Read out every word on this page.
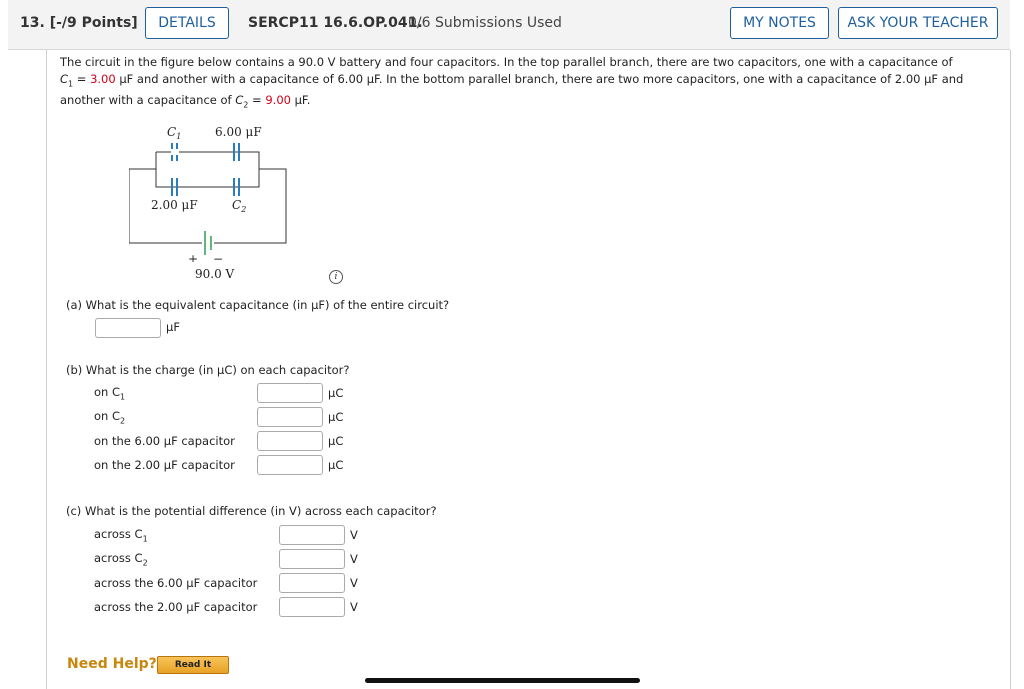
13. [-/9 Points]	DETAILS	SERCP11 16.6.OP.041.
0/6 Submissions Used	MY NOTES	ASK YOUR TEACHER
The circuit in the figure below contains a 90.0 V battery and four capacitors. In the top parallel branch, there are two capacitors, one with a capacitance of
$C_1 = 3.00$ μF and another with a capacitance of 6.00 μF. In the bottom parallel branch, there are two more capacitors, one with a capacitance of 2.00 μF and
another with a capacitance of $C_2 = 9.00$ μF.
$C_1$	6.00 μF
2.00 μF	$C_2$
+ −
90.0 V	i
(a) What is the equivalent capacitance (in μF) of the entire circuit?
μF
(b) What is the charge (in μC) on each capacitor?
on $C_1$	μC
on $C_2$	μC
on the 6.00 μF capacitor	μC
on the 2.00 μF capacitor	μC
(c) What is the potential difference (in V) across each capacitor?
across $C_1$	V
across $C_2$	V
across the 6.00 μF capacitor	V
across the 2.00 μF capacitor	V
Need Help?	Read It
